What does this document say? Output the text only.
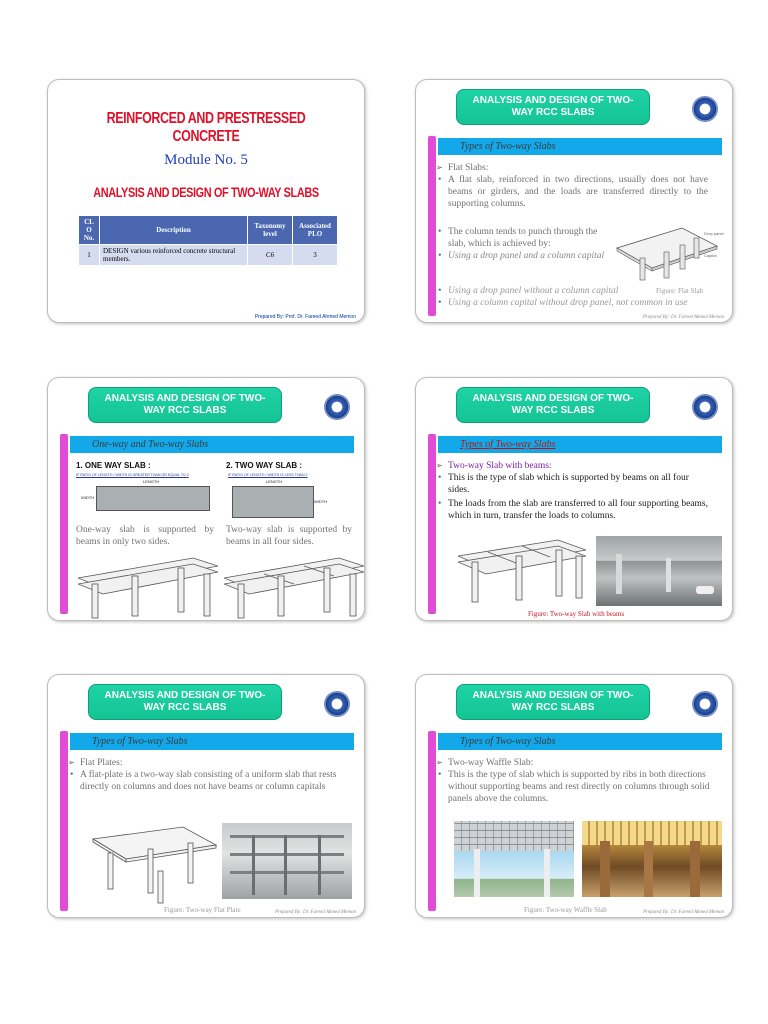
REINFORCED AND PRESTRESSED CONCRETE
Module No. 5
ANALYSIS AND DESIGN OF TWO-WAY SLABS
CL O No.	Description	Taxonomy level	Associated PLO
1	DESIGN various reinforced concrete structural members.	C6	3
Prepared By: Prof. Dr. Fareed Ahmed Memon
ANALYSIS AND DESIGN OF TWO-WAY RCC SLABS
Types of Two-way Slabs
➢ Flat Slabs:
• A flat slab, reinforced in two directions, usually does not have beams or girders, and the loads are transferred directly to the supporting columns.
• The column tends to punch through the slab, which is achieved by:
• Using a drop panel and a column capital
• Using a drop panel without a column capital
• Using a column capital without drop panel, not common in use
Drop panel
Capital
Figure: Flat Slab
Prepared By: Dr. Fareed Ahmed Memon
ANALYSIS AND DESIGN OF TWO-WAY RCC SLABS
One-way and Two-way Slabs
1. ONE WAY SLAB :
IF RATIO OF LENGTH / WIDTH IS GREATER THAN OR EQUAL TO 2
LENGTH
WIDTH
2. TWO WAY SLAB :
IF RATIO OF LENGTH / WIDTH IS LESS THAN 2
LENGTH
WIDTH
One-way slab is supported by beams in only two sides.
Two-way slab is supported by beams in all four sides.
ANALYSIS AND DESIGN OF TWO-WAY RCC SLABS
Types of Two-way Slabs
➢ Two-way Slab with beams:
• This is the type of slab which is supported by beams on all four sides.
• The loads from the slab are transferred to all four supporting beams, which in turn, transfer the loads to columns.
Figure: Two-way Slab with beams
ANALYSIS AND DESIGN OF TWO-WAY RCC SLABS
Types of Two-way Slabs
➢ Flat Plates:
• A flat-plate is a two-way slab consisting of a uniform slab that rests directly on columns and does not have beams or column capitals
Figure: Two-way Flat Plate	Prepared By: Dr. Fareed Ahmed Memon
ANALYSIS AND DESIGN OF TWO-WAY RCC SLABS
Types of Two-way Slabs
➢ Two-way Waffle Slab:
• This is the type of slab which is supported by ribs in both directions without supporting beams and rest directly on columns through solid panels above the columns.
Figure: Two-way Waffle Slab	Prepared By: Dr. Fareed Ahmed Memon
